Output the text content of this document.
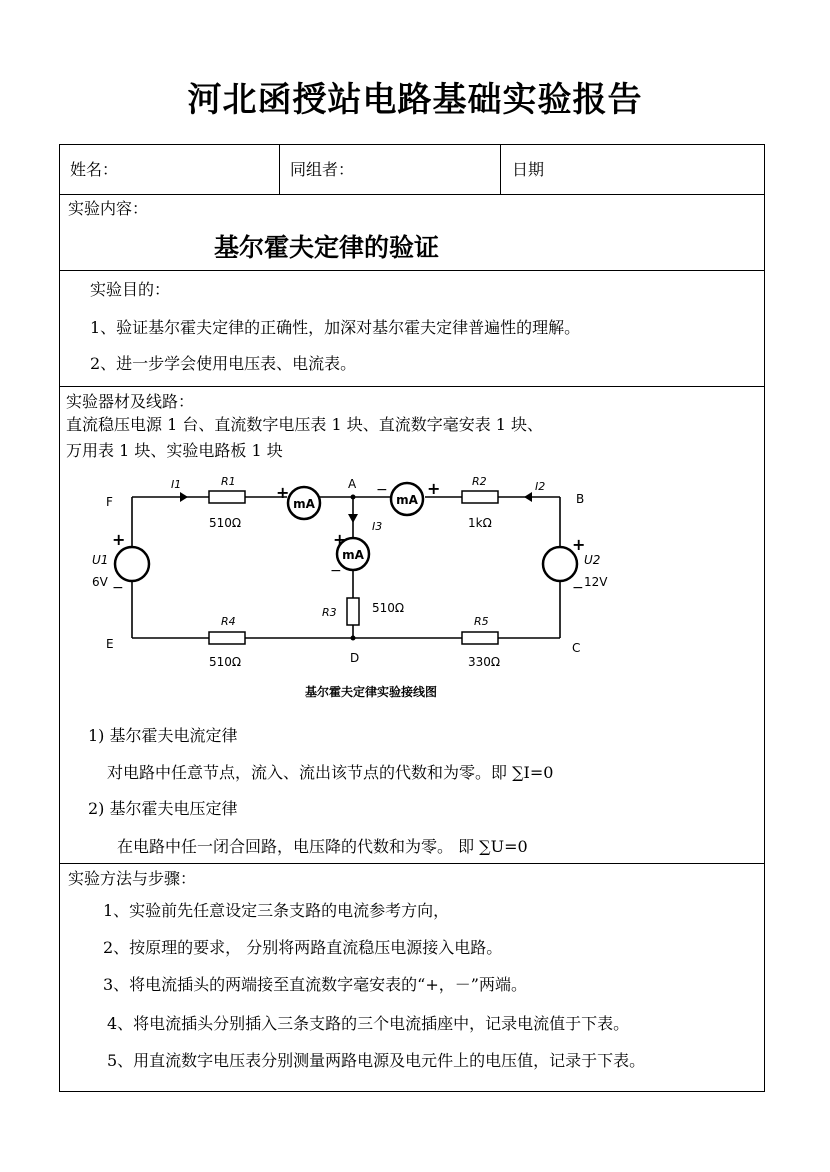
河北函授站电路基础实验报告
姓名：	同组者：	日期
实验内容：
基尔霍夫定律的验证
实验目的：
1、验证基尔霍夫定律的正确性，加深对基尔霍夫定律普遍性的理解。
2、进一步学会使用电压表、电流表。
实验器材及线路：
直流稳压电源 1 台、直流数字电压表 1 块、直流数字毫安表 1 块、
万用表 1 块、实验电路板 1 块
mA	mA
mA
F
A
B
E
D
C
I1	I2
I3
U1
6V
U2
12V
R1
510Ω
R2
1kΩ
R3	510Ω
R4
510Ω
R5
330Ω
+
−
+
−
+	− +
+
−
基尔霍夫定律实验接线图
1) 基尔霍夫电流定律
对电路中任意节点，流入、流出该节点的代数和为零。即 ∑I=0
2) 基尔霍夫电压定律
在电路中任一闭合回路，电压降的代数和为零。 即 ∑U=0
实验方法与步骤：
1、实验前先任意设定三条支路的电流参考方向，
2、按原理的要求， 分别将两路直流稳压电源接入电路。
3、将电流插头的两端接至直流数字毫安表的“+，－”两端。
4、将电流插头分别插入三条支路的三个电流插座中，记录电流值于下表。
5、用直流数字电压表分别测量两路电源及电元件上的电压值，记录于下表。
